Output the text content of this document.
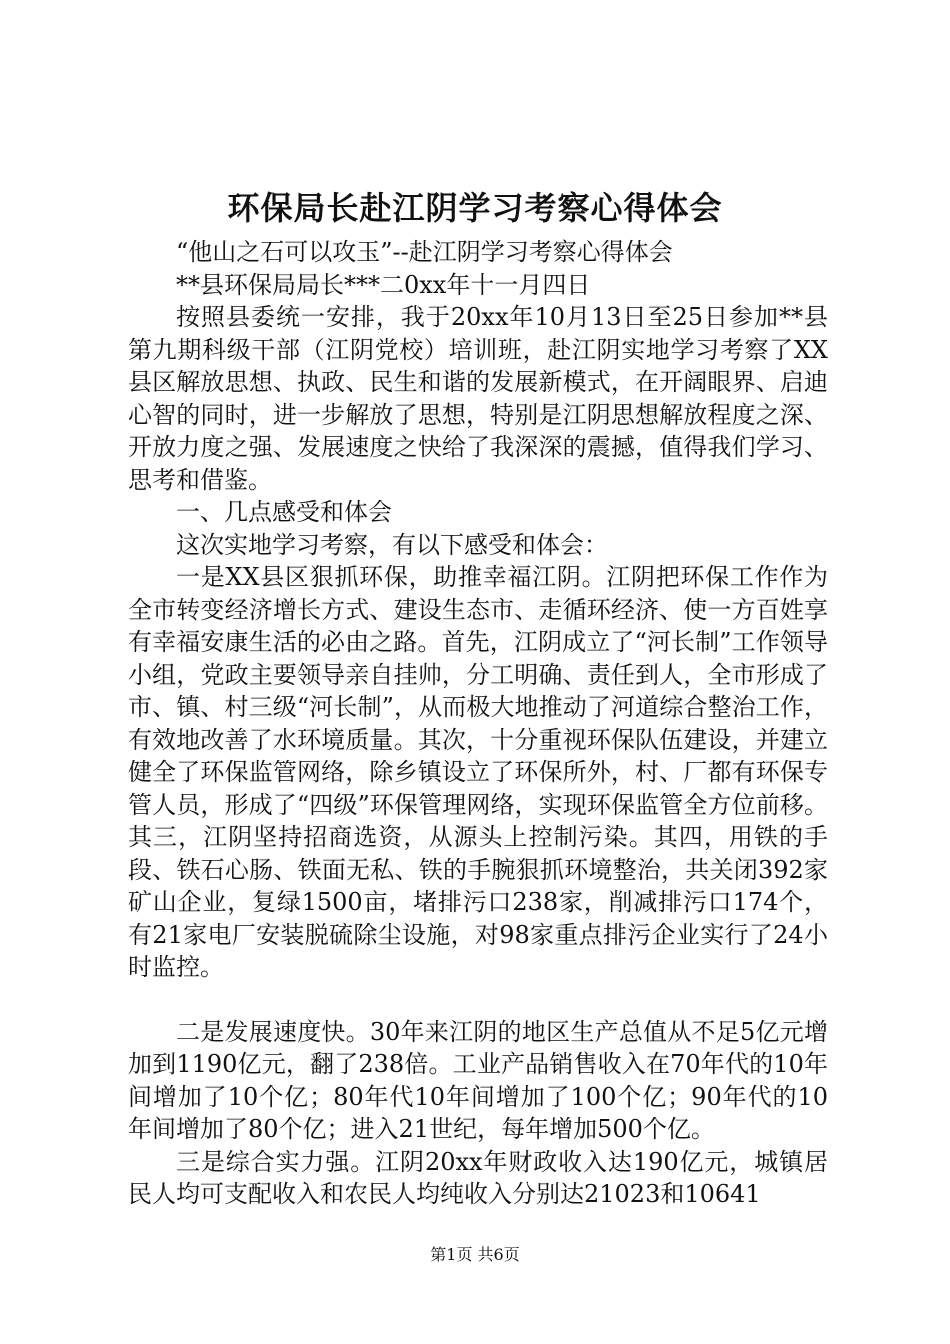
环保局长赴江阴学习考察心得体会

“他山之石可以攻玉”--赴江阴学习考察心得体会

**县环保局局长***二0xx年十一月四日

按照县委统一安排，我于20xx年10月13日至25日参加**县第九期科级干部（江阴党校）培训班，赴江阴实地学习考察了XX县区解放思想、执政、民生和谐的发展新模式，在开阔眼界、启迪心智的同时，进一步解放了思想，特别是江阴思想解放程度之深、开放力度之强、发展速度之快给了我深深的震撼，值得我们学习、思考和借鉴。

一、几点感受和体会

这次实地学习考察，有以下感受和体会：

一是XX县区狠抓环保，助推幸福江阴。江阴把环保工作作为全市转变经济增长方式、建设生态市、走循环经济、使一方百姓享有幸福安康生活的必由之路。首先，江阴成立了“河长制”工作领导小组，党政主要领导亲自挂帅，分工明确、责任到人，全市形成了市、镇、村三级“河长制”，从而极大地推动了河道综合整治工作，有效地改善了水环境质量。其次，十分重视环保队伍建设，并建立健全了环保监管网络，除乡镇设立了环保所外，村、厂都有环保专管人员，形成了“四级”环保管理网络，实现环保监管全方位前移。其三，江阴坚持招商选资，从源头上控制污染。其四，用铁的手段、铁石心肠、铁面无私、铁的手腕狠抓环境整治，共关闭392家矿山企业，复绿1500亩，堵排污口238家，削减排污口174个，有21家电厂安装脱硫除尘设施，对98家重点排污企业实行了24小时监控。

二是发展速度快。30年来江阴的地区生产总值从不足5亿元增加到1190亿元，翻了238倍。工业产品销售收入在70年代的10年间增加了10个亿；80年代10年间增加了100个亿；90年代的10年间增加了80个亿；进入21世纪，每年增加500个亿。

三是综合实力强。江阴20xx年财政收入达190亿元，城镇居民人均可支配收入和农民人均纯收入分别达21023和10641

第1页 共6页
